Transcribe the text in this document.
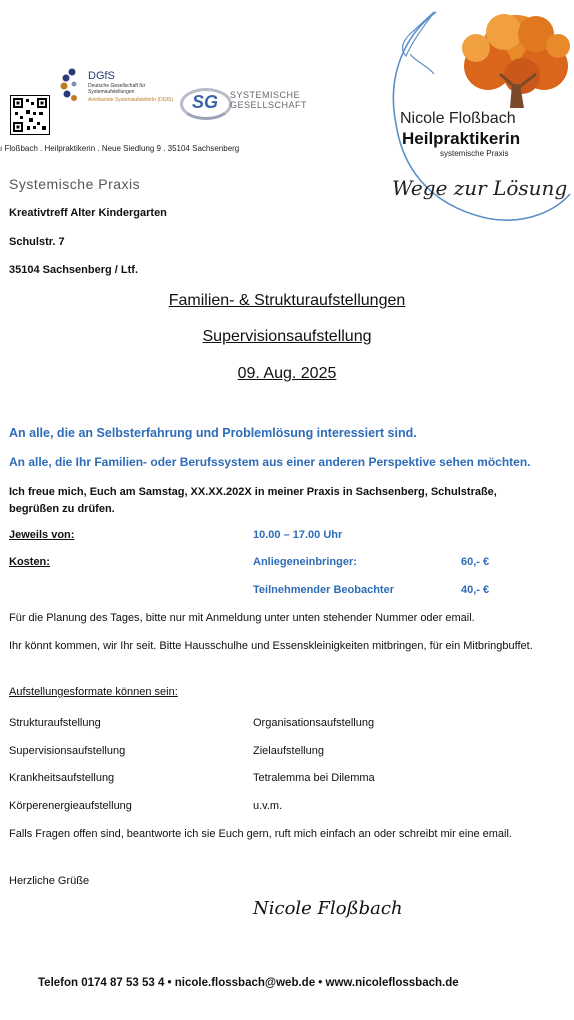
DGfS
Deutsche Gesellschaft für Systemaufstellungen
Anerkannte SystemaufstellerIn (DGfS)	SG SYSTEMISCHE
GESELLSCHAFT
ı Floßbach . Heilpraktikerin . Neue Siedlung 9 . 35104 Sachsenberg
Nicole Floßbach
Heilpraktikerin
systemische Praxis
Wege zur Lösung
Systemische Praxis
Kreativtreff Alter Kindergarten
Schulstr. 7
35104 Sachsenberg / Ltf.
Familien- & Strukturaufstellungen
Supervisionsaufstellung
09. Aug. 2025
An alle, die an Selbsterfahrung und Problemlösung interessiert sind.
An alle, die Ihr Familien- oder Berufssystem aus einer anderen Perspektive sehen möchten.
Ich freue mich, Euch am Samstag, XX.XX.202X in meiner Praxis in Sachsenberg, Schulstraße, begrüßen zu drüfen.
Jeweils von:	10.00 – 17.00 Uhr
Kosten:	Anliegeneinbringer:	60,- €
Teilnehmender Beobachter	40,- €
Für die Planung des Tages, bitte nur mit Anmeldung unter unten stehender Nummer oder email.
Ihr könnt kommen, wir Ihr seit. Bitte Hausschulhe und Essenskleinigkeiten mitbringen, für ein Mitbringbuffet.
Aufstellungesformate können sein:
Strukturaufstellung	Organisationsaufstellung
Supervisionsaufstellung	Zielaufstellung
Krankheitsaufstellung	Tetralemma bei Dilemma
Körperenergieaufstellung	u.v.m.
Falls Fragen offen sind, beantworte ich sie Euch gern, ruft mich einfach an oder schreibt mir eine email.
Herzliche Grüße
Nicole Floßbach
Telefon 0174 87 53 53 4 • nicole.flossbach@web.de • www.nicoleflossbach.de
